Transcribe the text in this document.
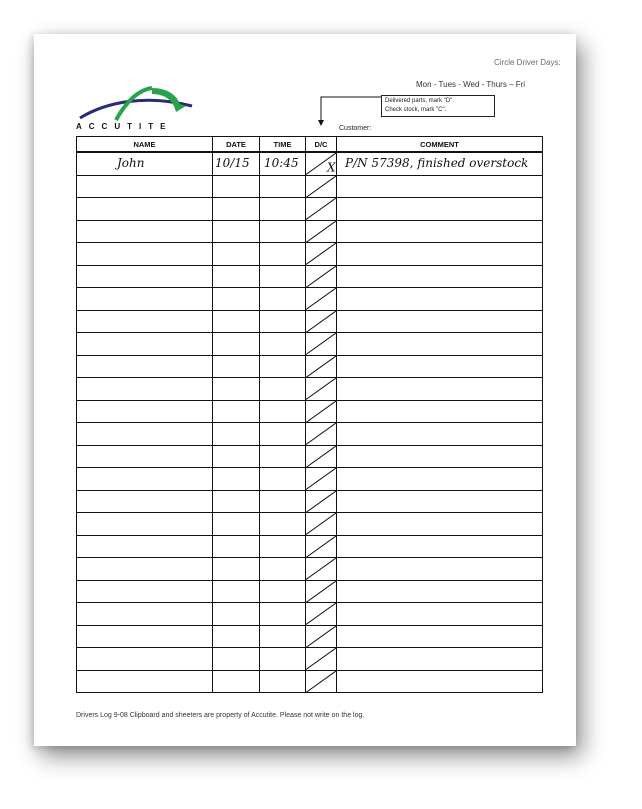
Circle Driver Days:
Mon - Tues - Wed - Thurs – Fri
ACCUTITE
Delivered parts, mark "D".
Check stock, mark "C".
Customer:
NAME	DATE	TIME	D/C	COMMENT

John	10/15	10:45	X	P/N 57398, finished overstock

Drivers Log 9-08 Clipboard and sheeters are property of Accutite. Please not write on the log.
